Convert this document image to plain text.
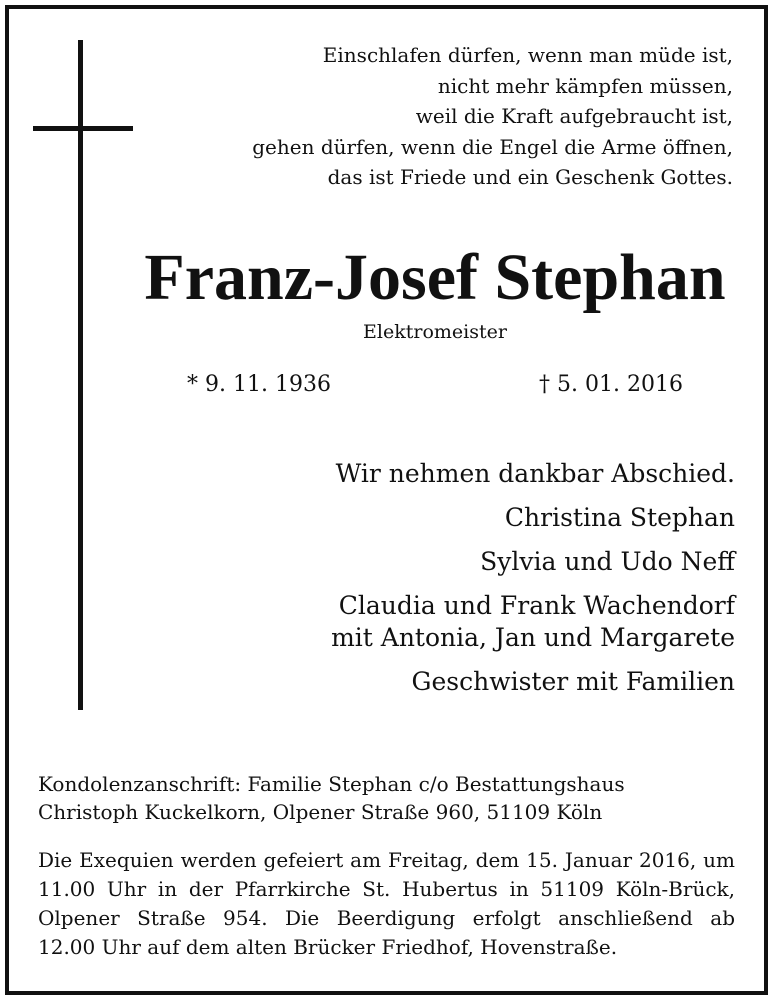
Einschlafen dürfen, wenn man müde ist,
nicht mehr kämpfen müssen,
weil die Kraft aufgebraucht ist,
gehen dürfen, wenn die Engel die Arme öffnen,
das ist Friede und ein Geschenk Gottes.
Franz-Josef Stephan
Elektromeister
* 9. 11. 1936	† 5. 01. 2016
Wir nehmen dankbar Abschied.
Christina Stephan
Sylvia und Udo Neff
Claudia und Frank Wachendorf
mit Antonia, Jan und Margarete
Geschwister mit Familien
Kondolenzanschrift: Familie Stephan c/o Bestattungshaus
Christoph Kuckelkorn, Olpener Straße 960, 51109 Köln
Die Exequien werden gefeiert am Freitag, dem 15. Januar 2016, um
11.00 Uhr in der Pfarrkirche St. Hubertus in 51109 Köln-Brück,
Olpener Straße 954. Die Beerdigung erfolgt anschließend ab
12.00 Uhr auf dem alten Brücker Friedhof, Hovenstraße.
